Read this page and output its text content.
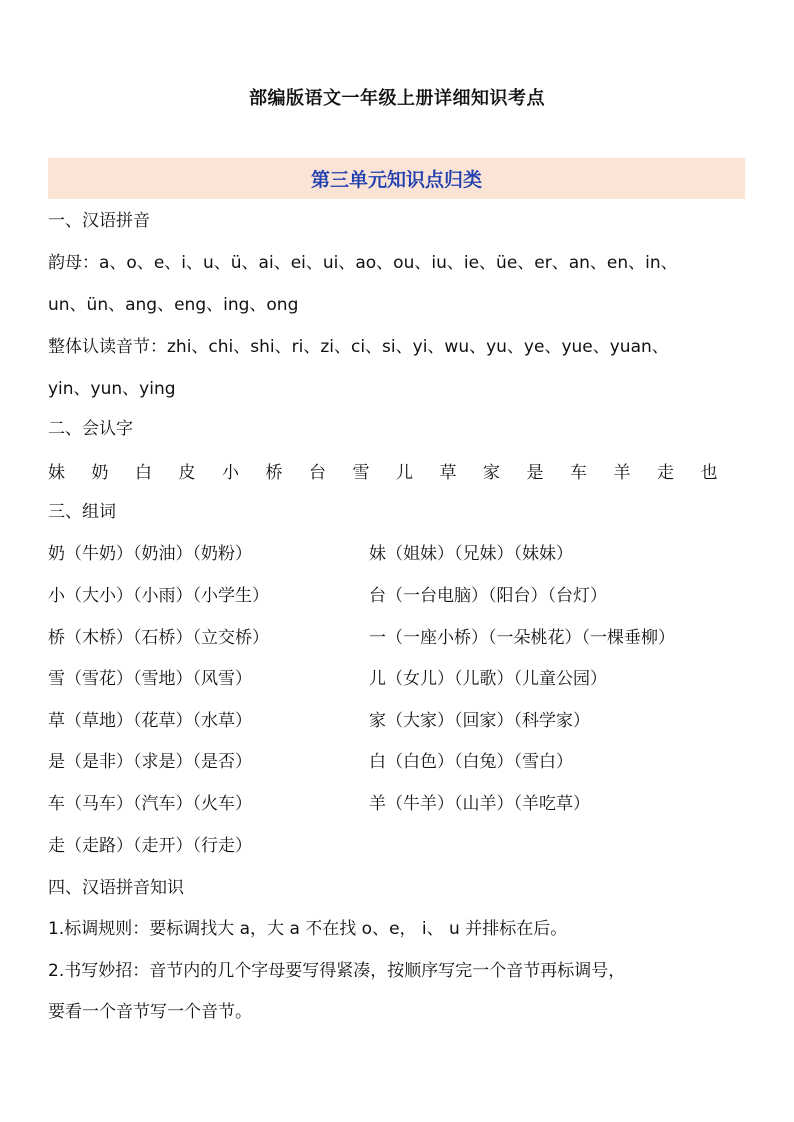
部编版语文一年级上册详细知识考点
第三单元知识点归类
一、汉语拼音
韵母：a、o、e、i、u、ü、ai、ei、ui、ao、ou、iu、ie、üe、er、an、en、in、
un、ün、ang、eng、ing、ong
整体认读音节：zhi、chi、shi、ri、zi、ci、si、yi、wu、yu、ye、yue、yuan、
yin、yun、ying
二、会认字
妹	奶	白	皮	小	桥	台	雪	儿	草	家	是	车	羊	走	也
三、组词
奶（牛奶）（奶油）（奶粉）	妹（姐妹）（兄妹）（妹妹）
小（大小）（小雨）（小学生）	台（一台电脑）（阳台）（台灯）
桥（木桥）（石桥）（立交桥）	一（一座小桥）（一朵桃花）（一棵垂柳）
雪（雪花）（雪地）（风雪）	儿（女儿）（儿歌）（儿童公园）
草（草地）（花草）（水草）	家（大家）（回家）（科学家）
是（是非）（求是）（是否）	白（白色）（白兔）（雪白）
车（马车）（汽车）（火车）	羊（牛羊）（山羊）（羊吃草）
走（走路）（走开）（行走）
四、汉语拼音知识
1.标调规则：要标调找大 a，大 a 不在找 o、e， i、 u 并排标在后。
2.书写妙招：音节内的几个字母要写得紧凑，按顺序写完一个音节再标调号，
要看一个音节写一个音节。
